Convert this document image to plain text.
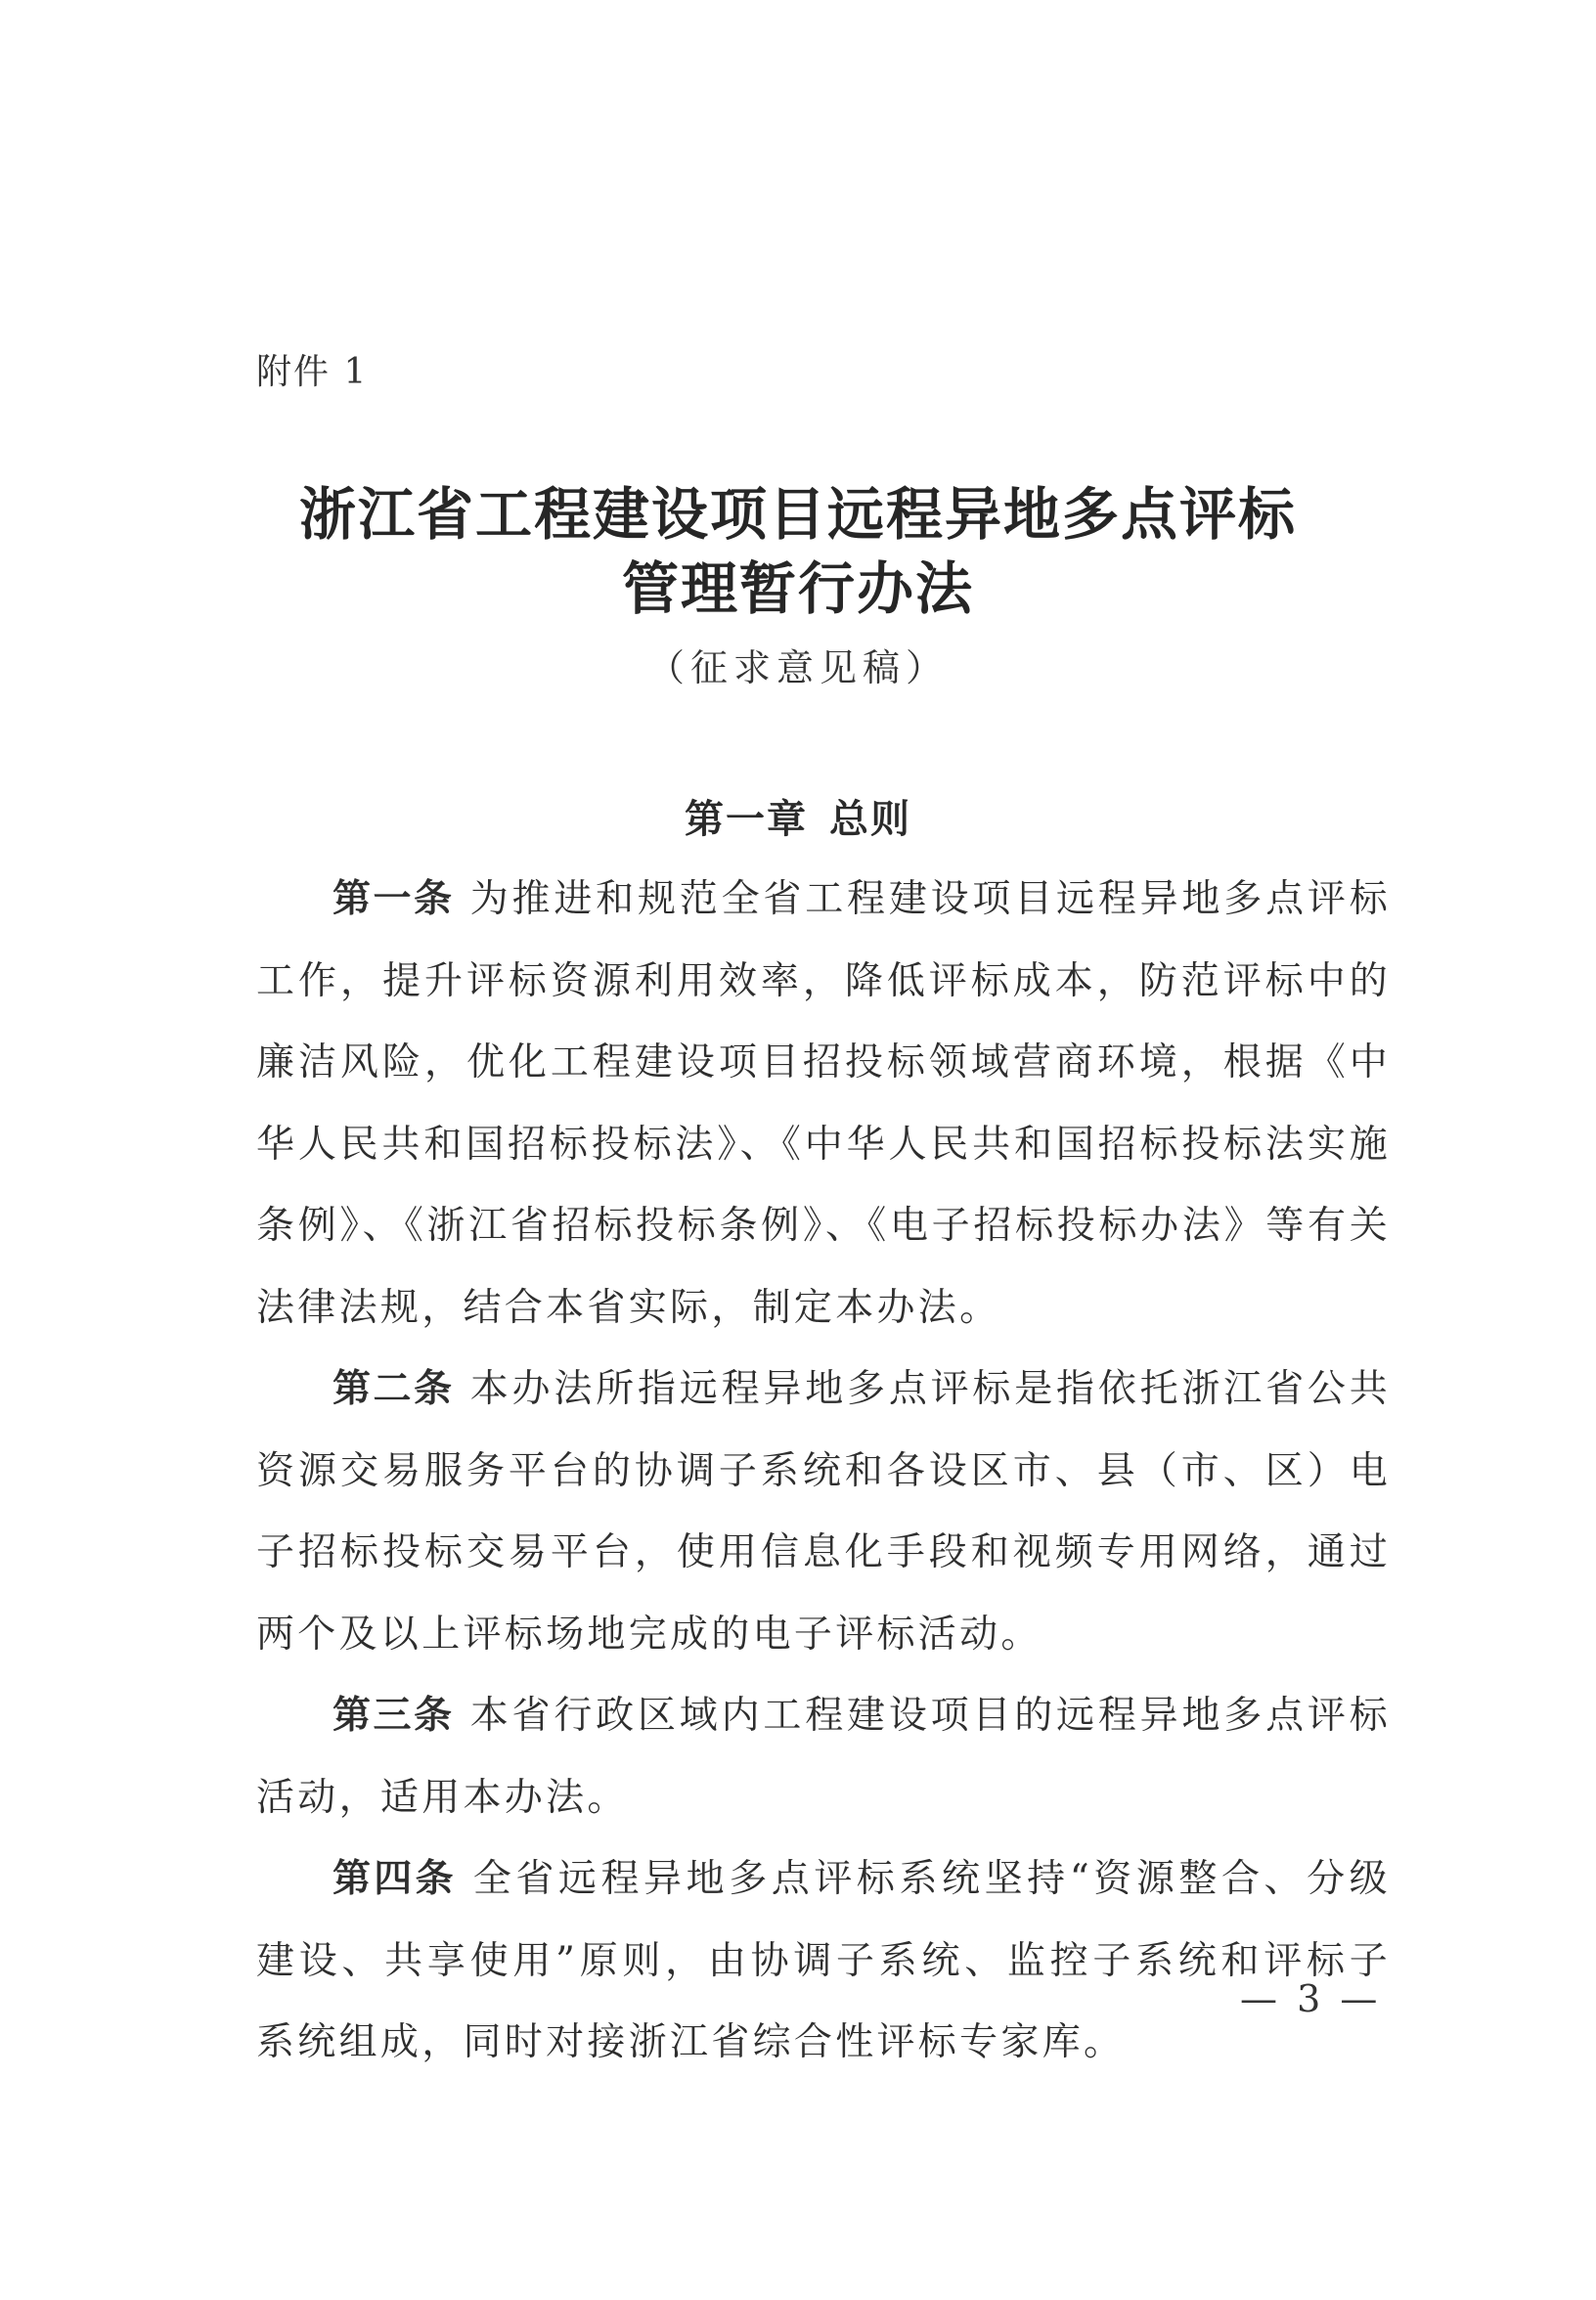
附件 1
浙江省工程建设项目远程异地多点评标
管理暂行办法
（征求意见稿）
第一章 总则

第一条 为推进和规范全省工程建设项目远程异地多点评标工作，提升评标资源利用效率，降低评标成本，防范评标中的廉洁风险，优化工程建设项目招投标领域营商环境，根据《中华人民共和国招标投标法》、《中华人民共和国招标投标法实施条例》、《浙江省招标投标条例》、《电子招标投标办法》等有关法律法规，结合本省实际，制定本办法。

第二条 本办法所指远程异地多点评标是指依托浙江省公共资源交易服务平台的协调子系统和各设区市、县（市、区）电子招标投标交易平台，使用信息化手段和视频专用网络，通过两个及以上评标场地完成的电子评标活动。

第三条 本省行政区域内工程建设项目的远程异地多点评标活动，适用本办法。

第四条 全省远程异地多点评标系统坚持“资源整合、分级建设、共享使用”原则，由协调子系统、监控子系统和评标子系统组成，同时对接浙江省综合性评标专家库。

— 3 —
